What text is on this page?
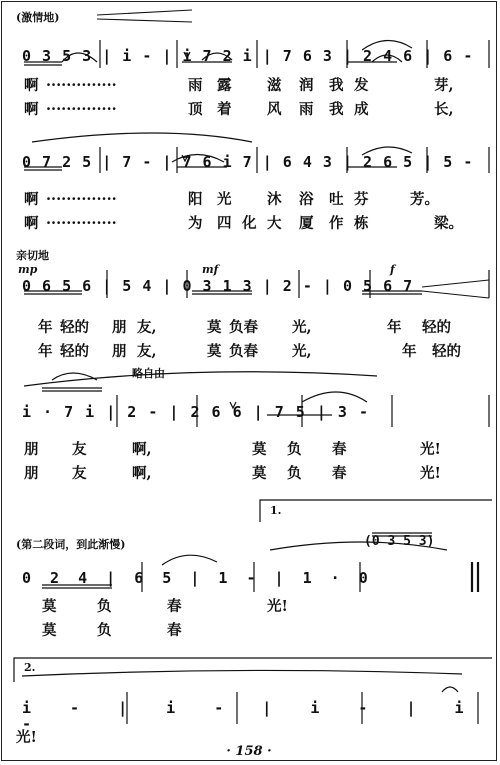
(激情地)
亲切地
略自由
(第二段词，到此渐慢)
1.
2.
(0 3 5 3)
mp	mf	f
0 3 5 3 | i - | i 7 2 i | 7 6 3 | 2 4 6 | 6 -
啊 ··············	雨 露 滋 润 我 发	芽,
啊 ··············	顶 着 风 雨 我 成	长,
0 7 2 5 | 7 - | 7 6 i 7 | 6 4 3 | 2 6 5 | 5 -
啊 ··············	阳 光 沐 浴 吐 芬	芳。
啊 ··············	为 四 化 大 厦 作 栋	梁。
0 6 5 6 | 5 4 | 0 3 1 3 | 2 - | 0 5 6 7
年 轻的 朋 友,	莫 负春 光,	年 轻的
年 轻的 朋 友,	莫 负春 光,	年 轻的
i · 7 i | 2 - | 2 6 6 | 7 5 | 3 -
朋 友	啊,	莫 负 春	光!
朋 友	啊,	莫 负 春	光!
0 2 4 | 6 5 | 1 - | 1 · 0
莫	负	春	光!
莫	负	春
i - | i - | i - | i -
光!
· 158 ·
